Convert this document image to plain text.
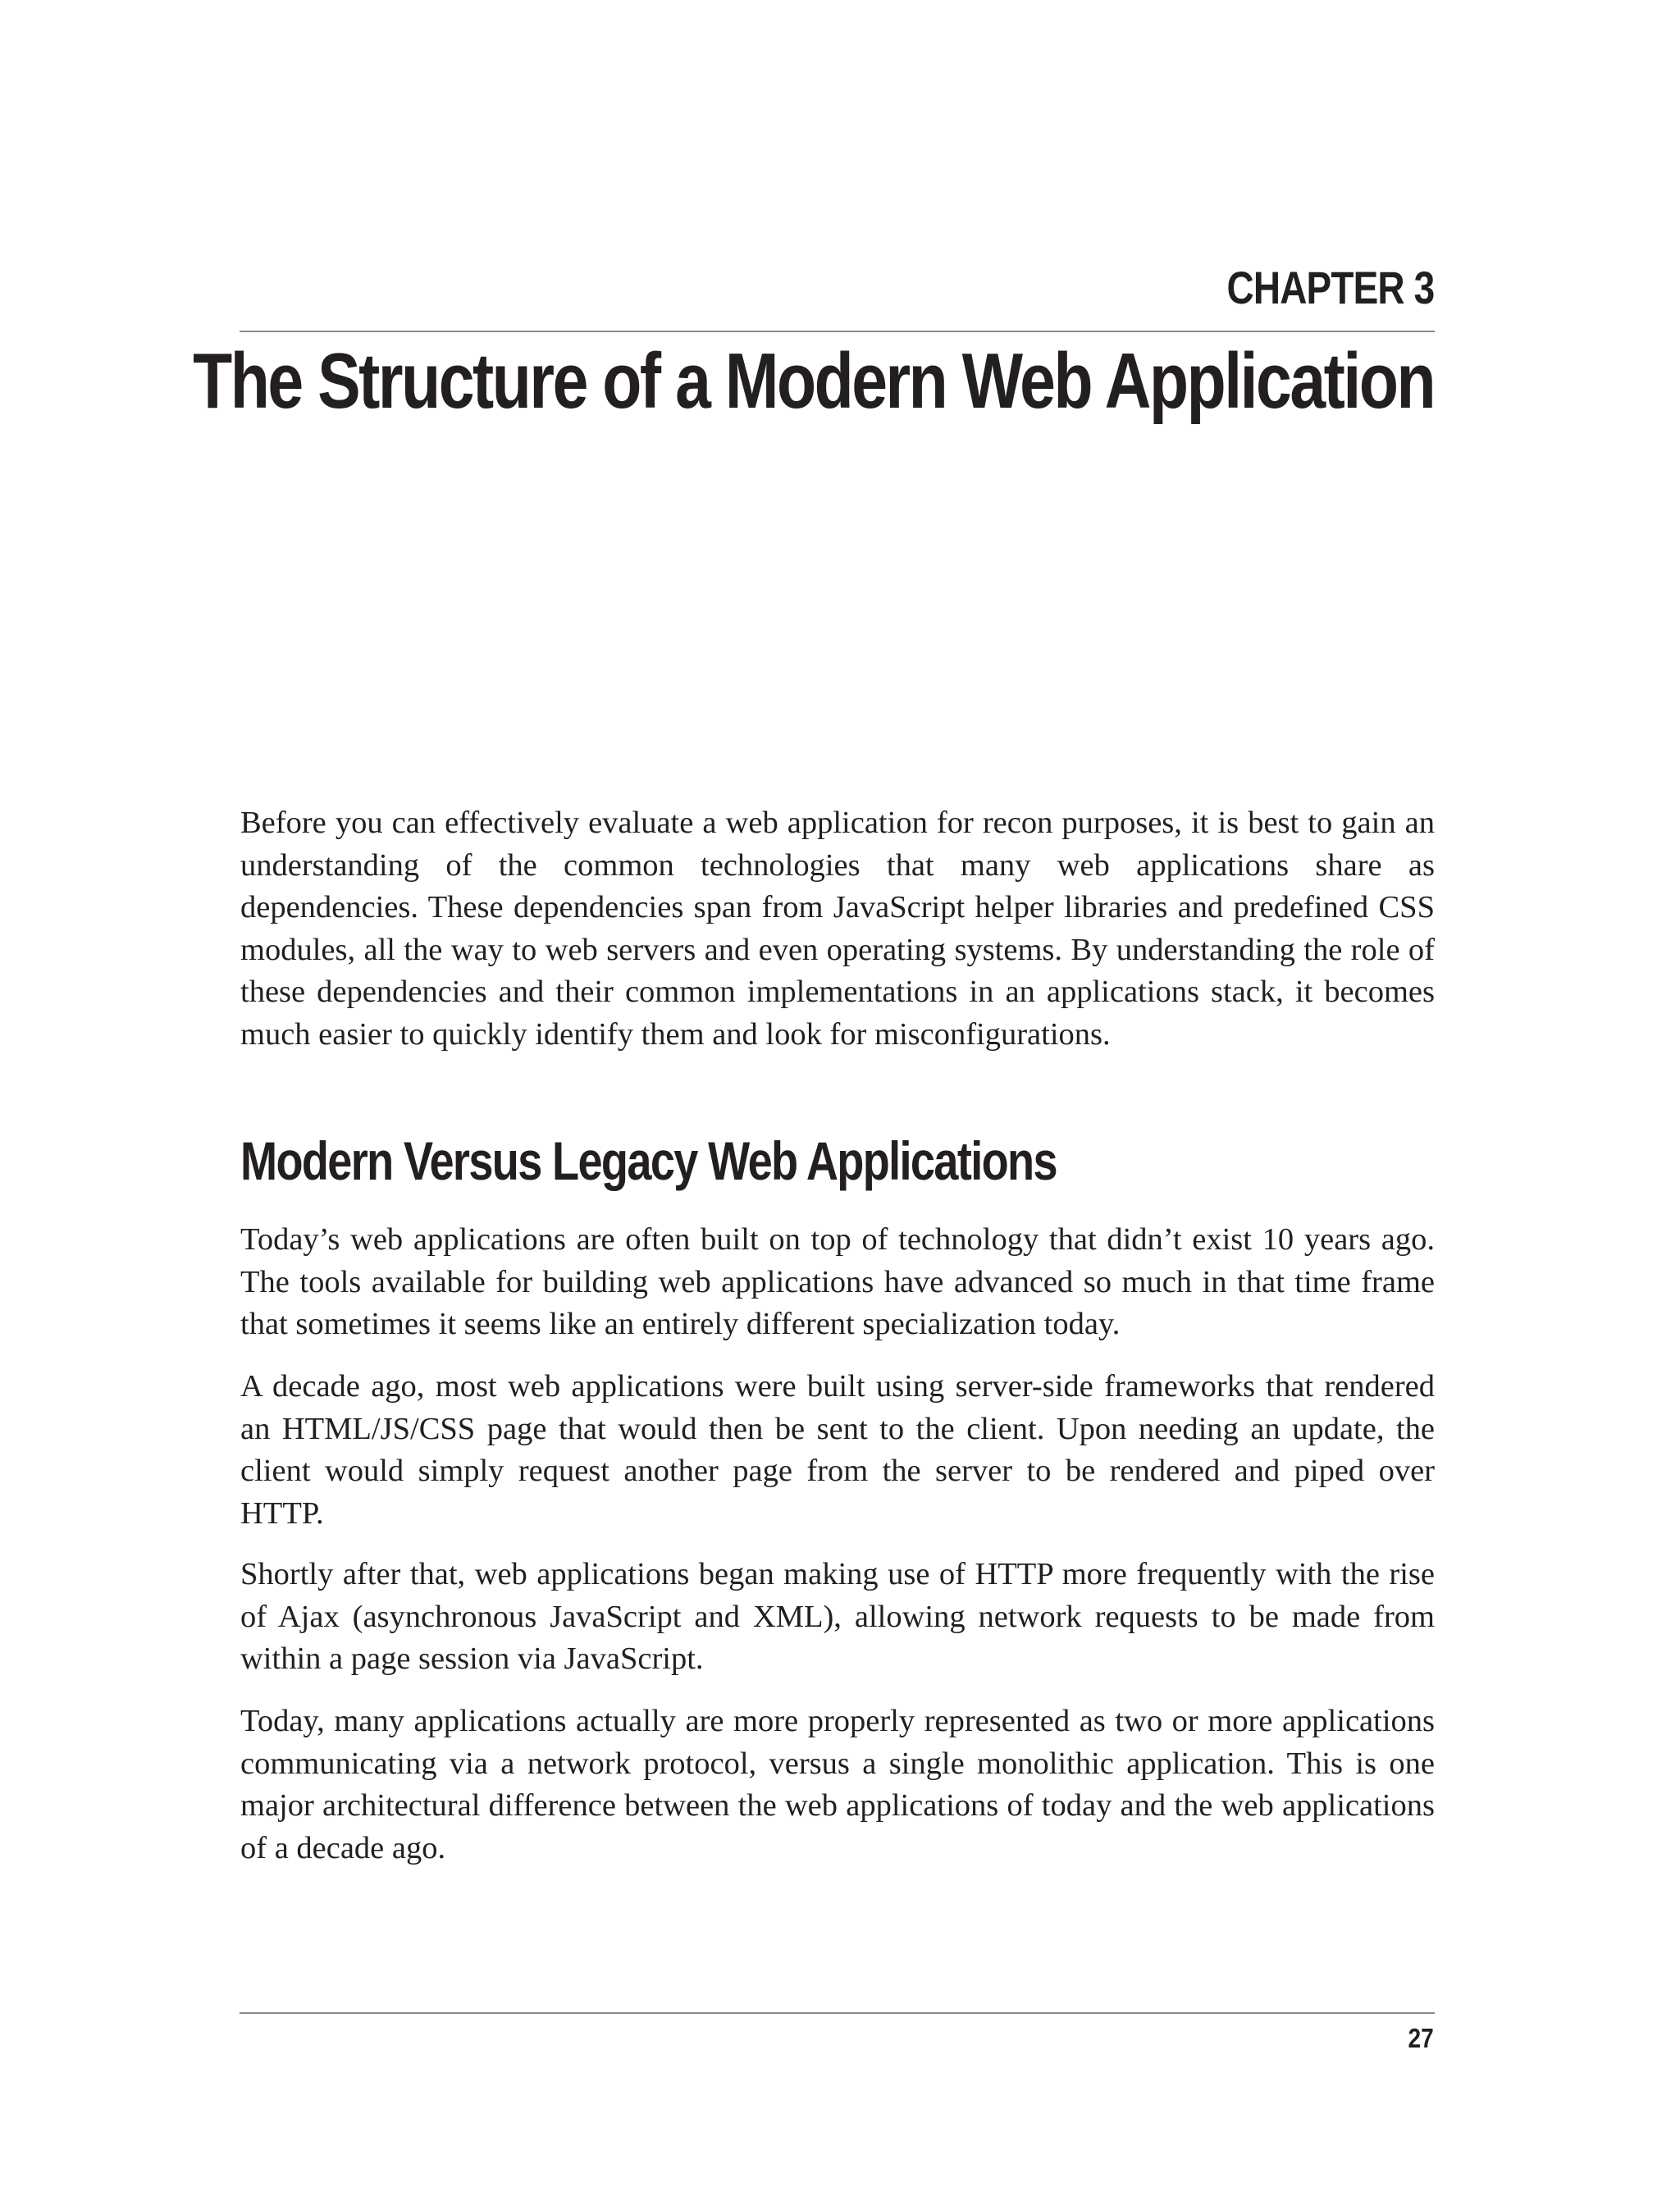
CHAPTER 3
The Structure of a Modern Web Application

Before you can effectively evaluate a web application for recon purposes, it is best to gain an understanding of the common technologies that many web applications share as dependencies. These dependencies span from JavaScript helper libraries and predefined CSS modules, all the way to web servers and even operating systems. By understanding the role of these dependencies and their common implementations in an applications stack, it becomes much easier to quickly identify them and look for misconfigurations.

Modern Versus Legacy Web Applications

Today’s web applications are often built on top of technology that didn’t exist 10 years ago. The tools available for building web applications have advanced so much in that time frame that sometimes it seems like an entirely different specialization today.

A decade ago, most web applications were built using server-side frameworks that rendered an HTML/JS/CSS page that would then be sent to the client. Upon needing an update, the client would simply request another page from the server to be rendered and piped over HTTP.

Shortly after that, web applications began making use of HTTP more frequently with the rise of Ajax (asynchronous JavaScript and XML), allowing network requests to be made from within a page session via JavaScript.

Today, many applications actually are more properly represented as two or more applications communicating via a network protocol, versus a single monolithic application. This is one major architectural difference between the web applications of today and the web applications of a decade ago.

27
